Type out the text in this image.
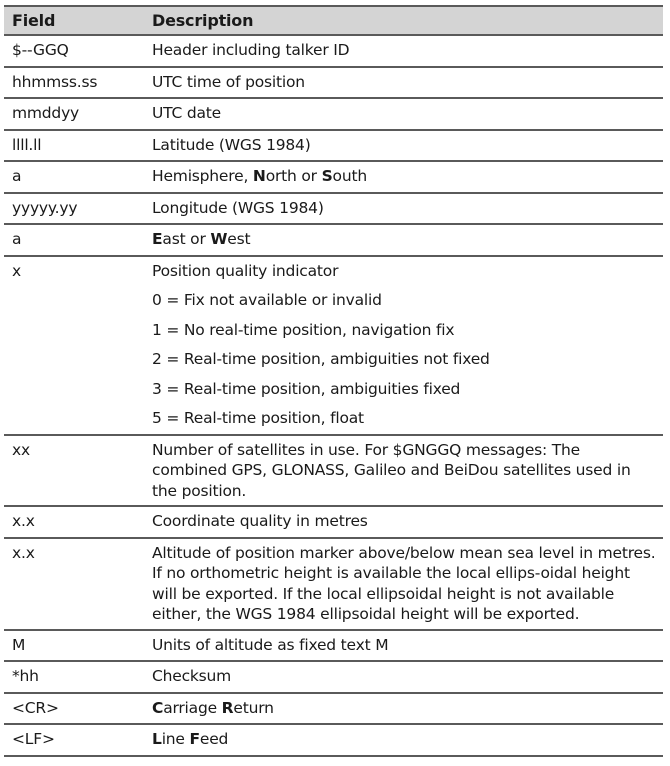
Field	Description

$--GGQ	Header including talker ID

hhmmss.ss	UTC time of position

mmddyy	UTC date

llll.ll	Latitude (WGS 1984)

a	Hemisphere, North or South

yyyyy.yy	Longitude (WGS 1984)

a	East or West

x	Position quality indicator
0 = Fix not available or invalid
1 = No real-time position, navigation fix
2 = Real-time position, ambiguities not fixed
3 = Real-time position, ambiguities fixed
5 = Real-time position, float

xx	Number of satellites in use. For $GNGGQ messages: The combined GPS, GLONASS, Galileo and BeiDou satellites used in the position.

x.x	Coordinate quality in metres

x.x	Altitude of position marker above/below mean sea level in metres. If no orthometric height is available the local ellips-oidal height will be exported. If the local ellipsoidal height is not available either, the WGS 1984 ellipsoidal height will be exported.

M	Units of altitude as fixed text M

*hh	Checksum

<CR>	Carriage Return

<LF>	Line Feed
